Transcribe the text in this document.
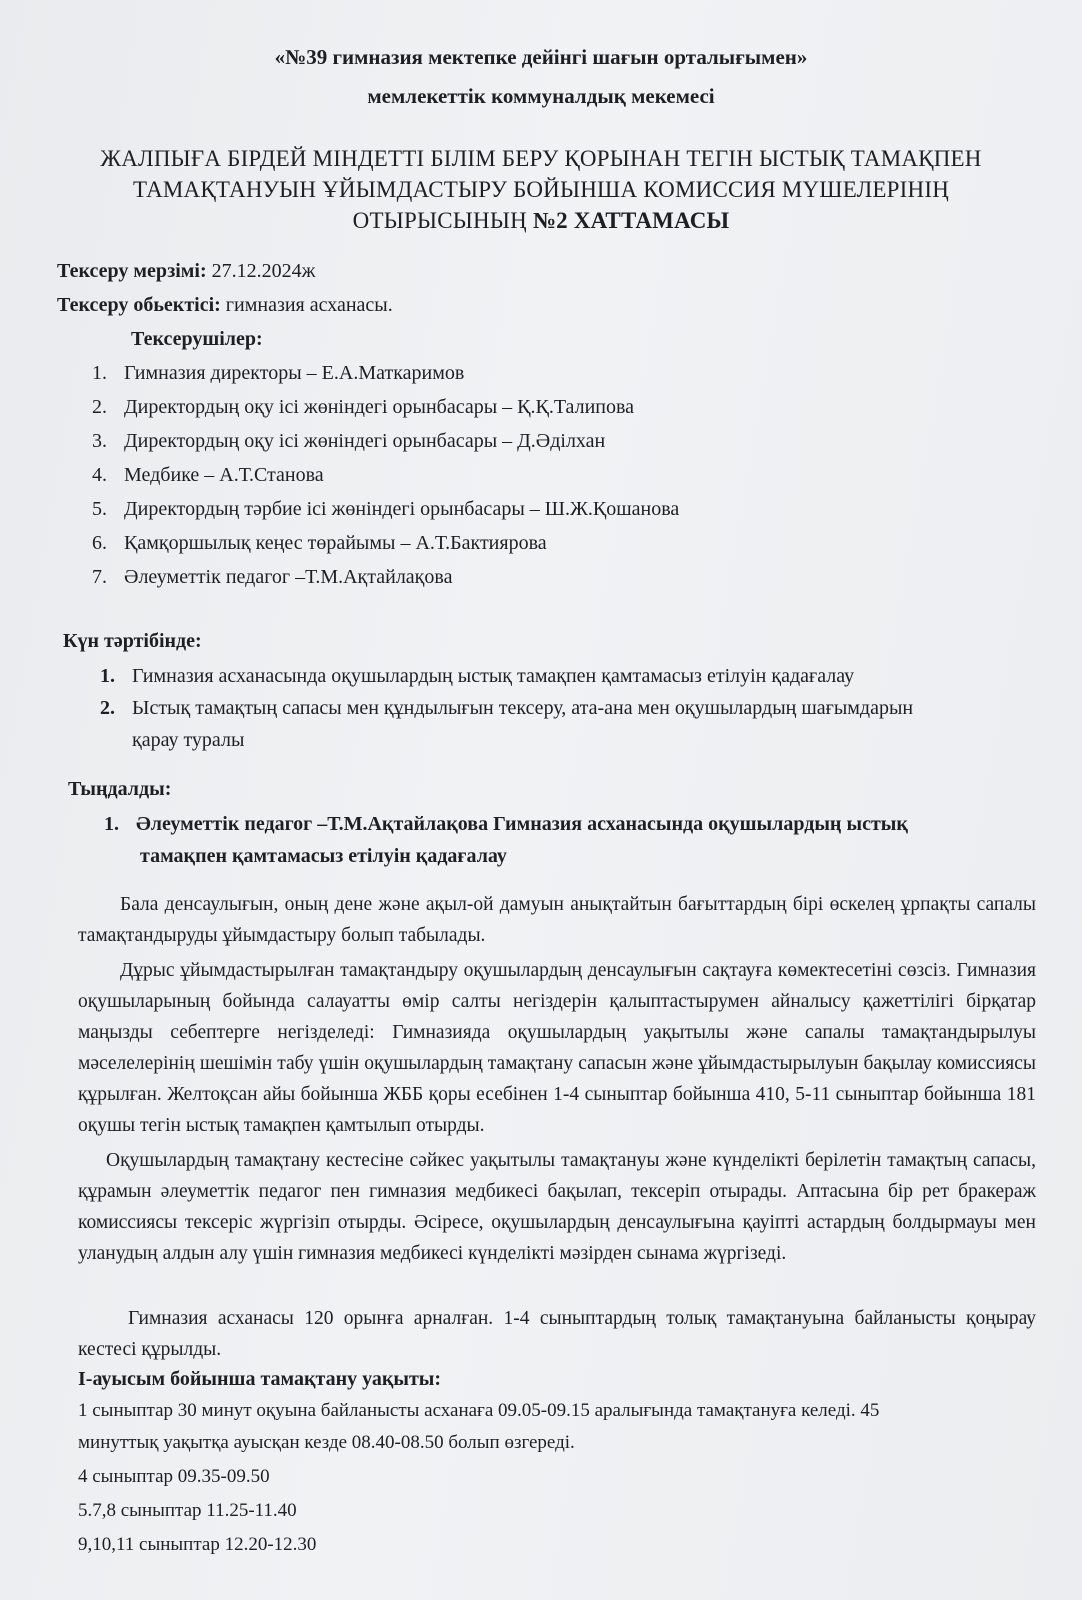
«№39 гимназия мектепке дейінгі шағын орталығымен»
мемлекеттік коммуналдық мекемесі
ЖАЛПЫҒА БІРДЕЙ МІНДЕТТІ БІЛІМ БЕРУ ҚОРЫНАН ТЕГІН ЫСТЫҚ ТАМАҚПЕН
ТАМАҚТАНУЫН ҰЙЫМДАСТЫРУ БОЙЫНША КОМИССИЯ МҮШЕЛЕРІНІҢ
ОТЫРЫСЫНЫҢ №2 ХАТТАМАСЫ
Тексеру мерзімі: 27.12.2024ж
Тексеру обьектісі: гимназия асханасы.
Тексерушілер:
1. Гимназия директоры – Е.А.Маткаримов
2. Директордың оқу ісі жөніндегі орынбасары – Қ.Қ.Талипова
3. Директордың оқу ісі жөніндегі орынбасары – Д.Әділхан
4. Медбике – А.Т.Станова
5. Директордың тәрбие ісі жөніндегі орынбасары – Ш.Ж.Қошанова
6. Қамқоршылық кеңес төрайымы – А.Т.Бактиярова
7. Әлеуметтік педагог –Т.М.Ақтайлақова
Күн тәртібінде:
1. Гимназия асханасында оқушылардың ыстық тамақпен қамтамасыз етілуін қадағалау
2. Ыстық тамақтың сапасы мен құндылығын тексеру, ата-ана мен оқушылардың шағымдарын
қарау туралы
Тыңдалды:
1. Әлеуметтік педагог –Т.М.Ақтайлақова Гимназия асханасында оқушылардың ыстық
тамақпен қамтамасыз етілуін қадағалау
Бала денсаулығын, оның дене және ақыл-ой дамуын анықтайтын бағыттардың бірі өскелең ұрпақты сапалы тамақтандыруды ұйымдастыру болып табылады.
Дұрыс ұйымдастырылған тамақтандыру оқушылардың денсаулығын сақтауға көмектесетіні сөзсіз. Гимназия оқушыларының бойында салауатты өмір салты негіздерін қалыптастырумен айналысу қажеттілігі бірқатар маңызды себептерге негізделеді: Гимназияда оқушылардың уақытылы және сапалы тамақтандырылуы мәселелерінің шешімін табу үшін оқушылардың тамақтану сапасын және ұйымдастырылуын бақылау комиссиясы құрылған. Желтоқсан айы бойынша ЖББ қоры есебінен 1-4 сыныптар бойынша 410, 5-11 сыныптар бойынша 181 оқушы тегін ыстық тамақпен қамтылып отырды.
Оқушылардың тамақтану кестесіне сәйкес уақытылы тамақтануы және күнделікті берілетін тамақтың сапасы, құрамын әлеуметтік педагог пен гимназия медбикесі бақылап, тексеріп отырады. Аптасына бір рет бракераж комиссиясы тексеріс жүргізіп отырды. Әсіресе, оқушылардың денсаулығына қауіпті астардың болдырмауы мен уланудың алдын алу үшін гимназия медбикесі күнделікті мәзірден сынама жүргізеді.
Гимназия асханасы 120 орынға арналған. 1-4 сыныптардың толық тамақтануына байланысты қоңырау кестесі құрылды.
I-ауысым бойынша тамақтану уақыты:
1 сыныптар 30 минут оқуына байланысты асханаға 09.05-09.15 аралығында тамақтануға келеді. 45
минуттық уақытқа ауысқан кезде 08.40-08.50 болып өзгереді.
4 сыныптар 09.35-09.50
5.7,8 сыныптар 11.25-11.40
9,10,11 сыныптар 12.20-12.30
